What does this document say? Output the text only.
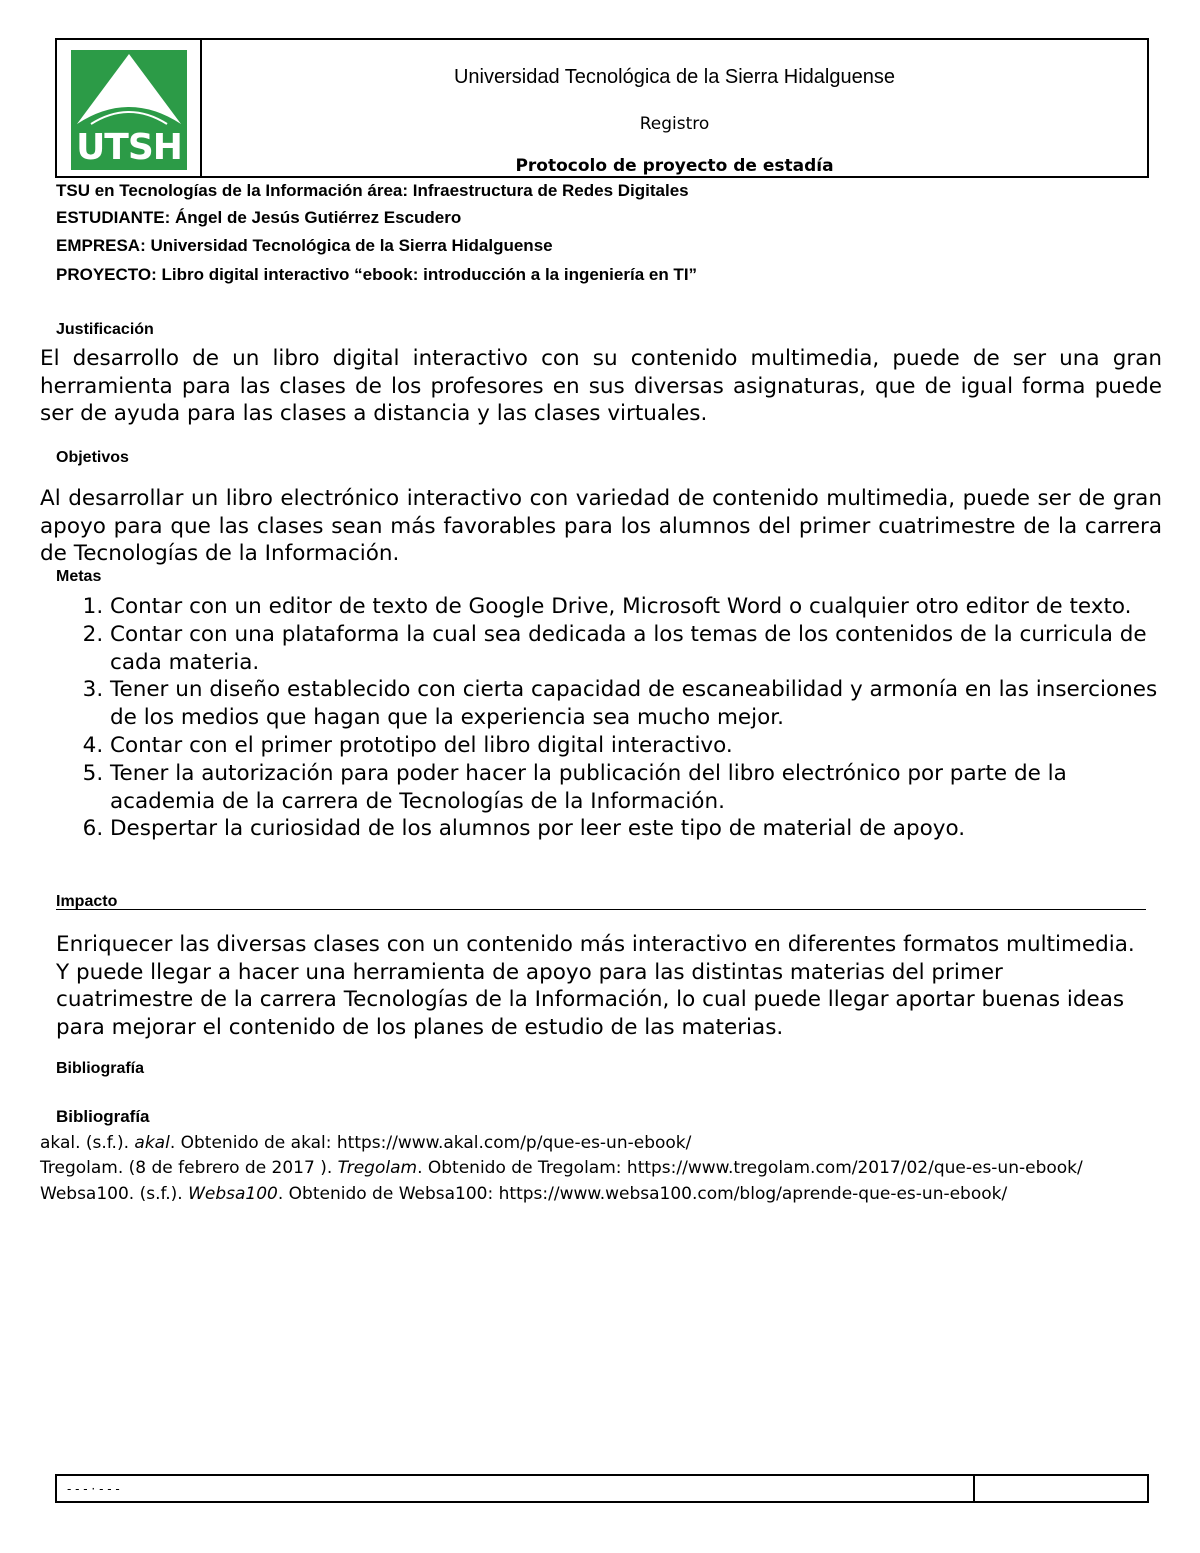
UTSH
Universidad Tecnológica de la Sierra Hidalguense
Registro
Protocolo de proyecto de estadía
TSU en Tecnologías de la Información área: Infraestructura de Redes Digitales
ESTUDIANTE: Ángel de Jesús Gutiérrez Escudero
EMPRESA: Universidad Tecnológica de la Sierra Hidalguense
PROYECTO: Libro digital interactivo “ebook: introducción a la ingeniería en TI”
Justificación
El desarrollo de un libro digital interactivo con su contenido multimedia, puede de ser una gran herramienta para las clases de los profesores en sus diversas asignaturas, que de igual forma puede ser de ayuda para las clases a distancia y las clases virtuales.
Objetivos
Al desarrollar un libro electrónico interactivo con variedad de contenido multimedia, puede ser de gran apoyo para que las clases sean más favorables para los alumnos del primer cuatrimestre de la carrera de Tecnologías de la Información.
Metas
1. Contar con un editor de texto de Google Drive, Microsoft Word o cualquier otro editor de texto.
2. Contar con una plataforma la cual sea dedicada a los temas de los contenidos de la curricula de cada materia.
3. Tener un diseño establecido con cierta capacidad de escaneabilidad y armonía en las inserciones de los medios que hagan que la experiencia sea mucho mejor.
4. Contar con el primer prototipo del libro digital interactivo.
5. Tener la autorización para poder hacer la publicación del libro electrónico por parte de la academia de la carrera de Tecnologías de la Información.
6. Despertar la curiosidad de los alumnos por leer este tipo de material de apoyo.
Impacto
Enriquecer las diversas clases con un contenido más interactivo en diferentes formatos multimedia. Y puede llegar a hacer una herramienta de apoyo para las distintas materias del primer cuatrimestre de la carrera Tecnologías de la Información, lo cual puede llegar aportar buenas ideas para mejorar el contenido de los planes de estudio de las materias.
Bibliografía
Bibliografía
akal. (s.f.). akal. Obtenido de akal: https://www.akal.com/p/que-es-un-ebook/
Tregolam. (8 de febrero de 2017 ). Tregolam. Obtenido de Tregolam: https://www.tregolam.com/2017/02/que-es-un-ebook/
Websa100. (s.f.). Websa100. Obtenido de Websa100: https://www.websa100.com/blog/aprende-que-es-un-ebook/
- - - · - - -
